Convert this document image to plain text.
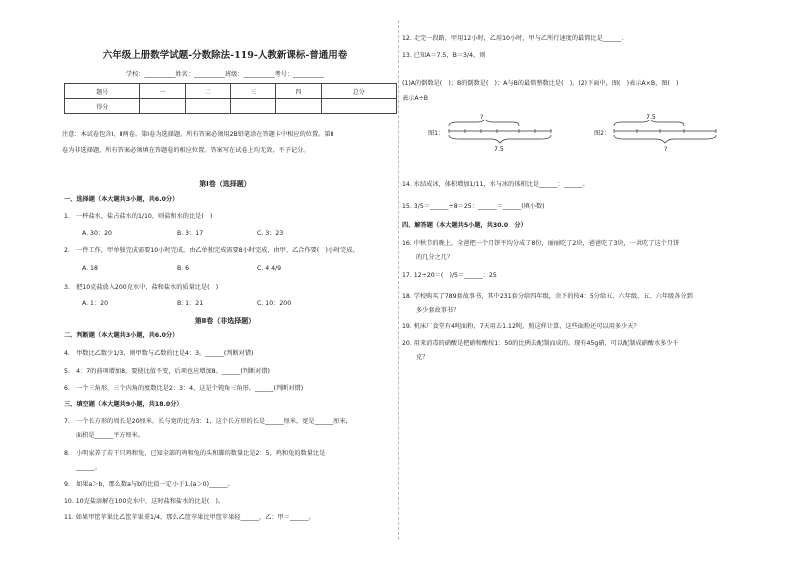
六年级上册数学试题-分数除法-119-人教新课标-普通用卷
学校：__________姓名：__________班级：__________考号：__________
题号	一	二	三	四	总分
得分					
注意：本试卷包含Ⅰ、Ⅱ两卷。第Ⅰ卷为选择题，所有答案必须用2B铅笔涂在答题卡中相应的位置。第Ⅱ
卷为非选择题，所有答案必须填在答题卷的相应位置。答案写在试卷上均无效，不予记分。
第Ⅰ卷（选择题）
一、选择题（本大题共3小题，共6.0分）
1.　一杯盐水，盐占盐水的1/10，则盐和水的比是(　)
A. 30：20	B. 3：17	C. 3：23
2.　一件工作，甲单独完成需要10小时完成，由乙单独完成需要8小时完成，由甲、乙合作要(　)小时完成。
A. 18	B. 6	C. 4 4/9
3.　把10克盐放入200克水中，盐和盐水的质量比是(　)
A. 1：20	B. 1：21	C. 10：200
第Ⅱ卷（非选择题）
二、判断题（本大题共3小题，共6.0分）
4.　甲数比乙数少1/3，则甲数与乙数的比是4：3。______(判断对错)
5.　4：7的前项增加8，要使比值不变，后项也应增加8。______(判断对错)
6.　一个三角形，三个内角的度数比是2：3：4，这是个钝角三角形。______(判断对错)
三、填空题（本大题共9小题，共18.0分）
7.　一个长方形的周长是20厘米，长与宽的比为3：1，这个长方形的长是______厘米，宽是______厘米，
面积是______平方厘米。
8.　小明家养了若干只鸡和兔，已知全部的鸡和兔的头和脚的数量比是2：5，鸡和兔的数量比是
______。
9.　如果a＞b，那么数a与b的比值一定小于1.(a＞0)______。
10. 10克盐溶解在100克水中，这时盐和盐水的比是(　)。
11. 如果甲筐苹果比乙筐苹果重1/4，那么乙筐苹果比甲筐苹果轻______，乙：甲＝______。
12. 走完一段路，甲用12小时，乙用10小时，甲与乙所行速度的最简比是______.
13. 已知A＝7.5，B＝3/4，则
(1)A的倒数是(　)；B的倒数是(　)；A与B的最简整数比是(　)。(2)下面中，图(　)表示A×B，图(　)
表示A÷B
图1：
?
7.5
图2：
7.5
?
14. 水结成冰，体积增加1/11，水与冰的体积比是______：______。
15. 3/5＝______÷8＝25：______＝______(填小数)
四、解答题（本大题共5小题，共30.0　分）
16. 中秋节的晚上，全爸把一个月饼平均分成了8份，丽丽吃了2块，爸爸吃了3块，一共吃了这个月饼
的几分之几？
17. 12÷20＝(　)/5＝______：25
18. 学校购买了789套故事书，其中231套分给四年级，余下的按4：5分给五、六年级。五、六年级各分到
多少套故事书？
19. 机床厂食堂有4吨面粉，7天用去1.12吨，照这样计算，这些面粉还可以用多少天？
20. 用来消毒的硝酸是把硝和酸按1：50的比例去配制而成的。现有45g硝，可以配制成硝酸水多少千
克？
